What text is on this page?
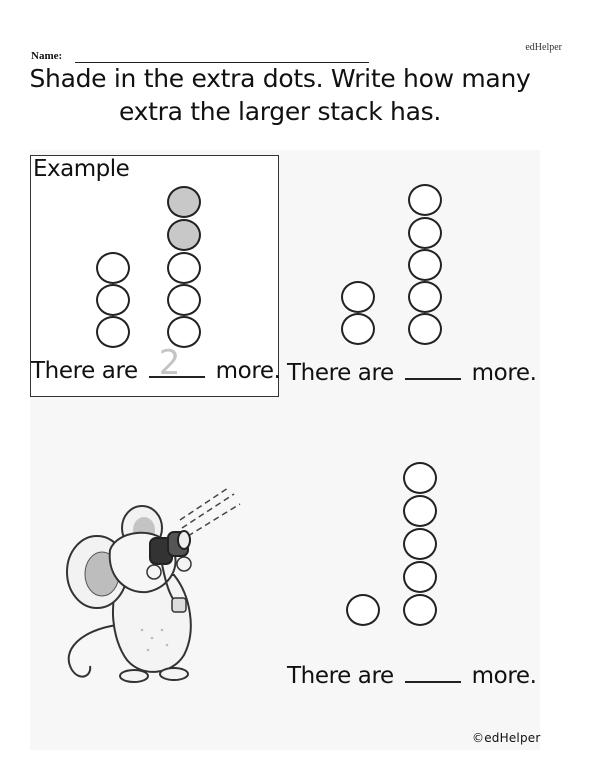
edHelper
Name:
Shade in the extra dots. Write how many
extra the larger stack has.
Example
There are 2 more. There are	more.
There are	more.
©edHelper
